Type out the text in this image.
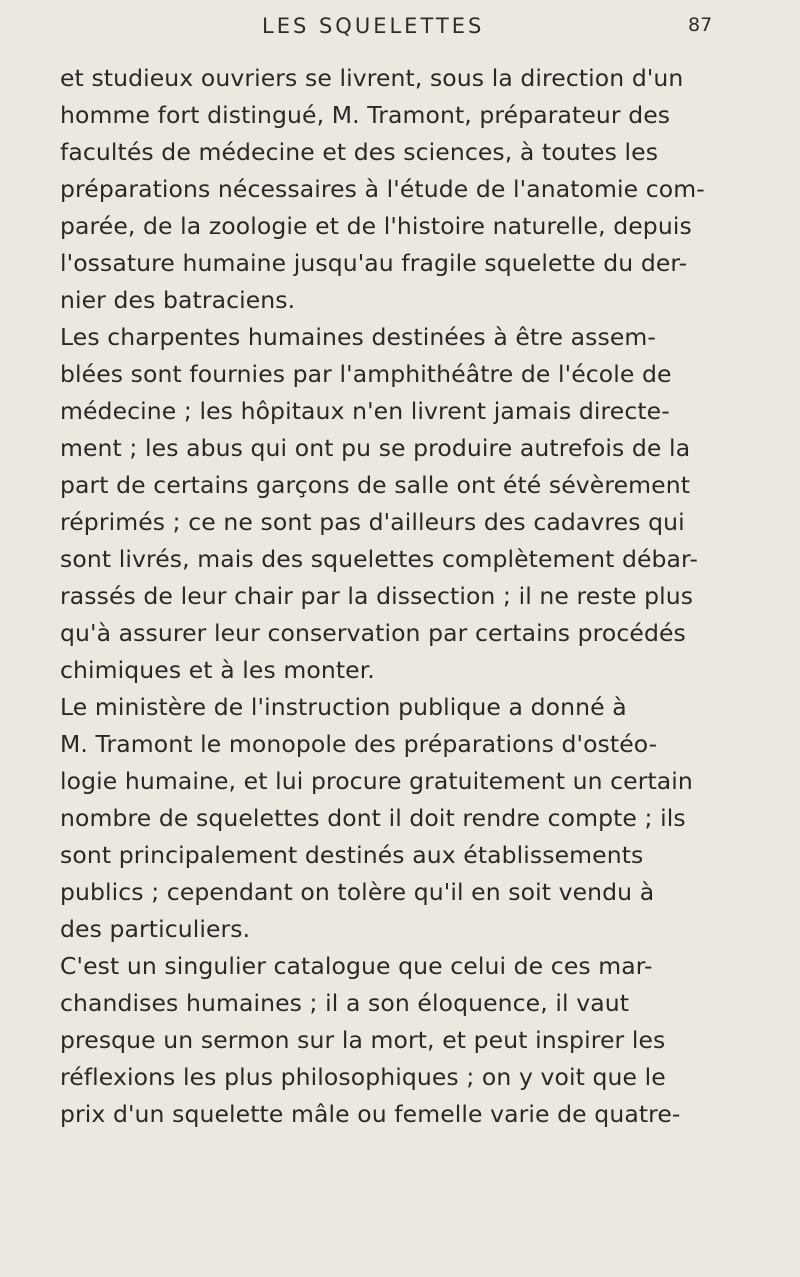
LES SQUELETTES	87
et studieux ouvriers se livrent, sous la direction d'un
homme fort distingué, M. Tramont, préparateur des
facultés de médecine et des sciences, à toutes les
préparations nécessaires à l'étude de l'anatomie com-
parée, de la zoologie et de l'histoire naturelle, depuis
l'ossature humaine jusqu'au fragile squelette du der-
nier des batraciens.
Les charpentes humaines destinées à être assem-
blées sont fournies par l'amphithéâtre de l'école de
médecine ; les hôpitaux n'en livrent jamais directe-
ment ; les abus qui ont pu se produire autrefois de la
part de certains garçons de salle ont été sévèrement
réprimés ; ce ne sont pas d'ailleurs des cadavres qui
sont livrés, mais des squelettes complètement débar-
rassés de leur chair par la dissection ; il ne reste plus
qu'à assurer leur conservation par certains procédés
chimiques et à les monter.
Le ministère de l'instruction publique a donné à
M. Tramont le monopole des préparations d'ostéo-
logie humaine, et lui procure gratuitement un certain
nombre de squelettes dont il doit rendre compte ; ils
sont principalement destinés aux établissements
publics ; cependant on tolère qu'il en soit vendu à
des particuliers.
C'est un singulier catalogue que celui de ces mar-
chandises humaines ; il a son éloquence, il vaut
presque un sermon sur la mort, et peut inspirer les
réflexions les plus philosophiques ; on y voit que le
prix d'un squelette mâle ou femelle varie de quatre-
